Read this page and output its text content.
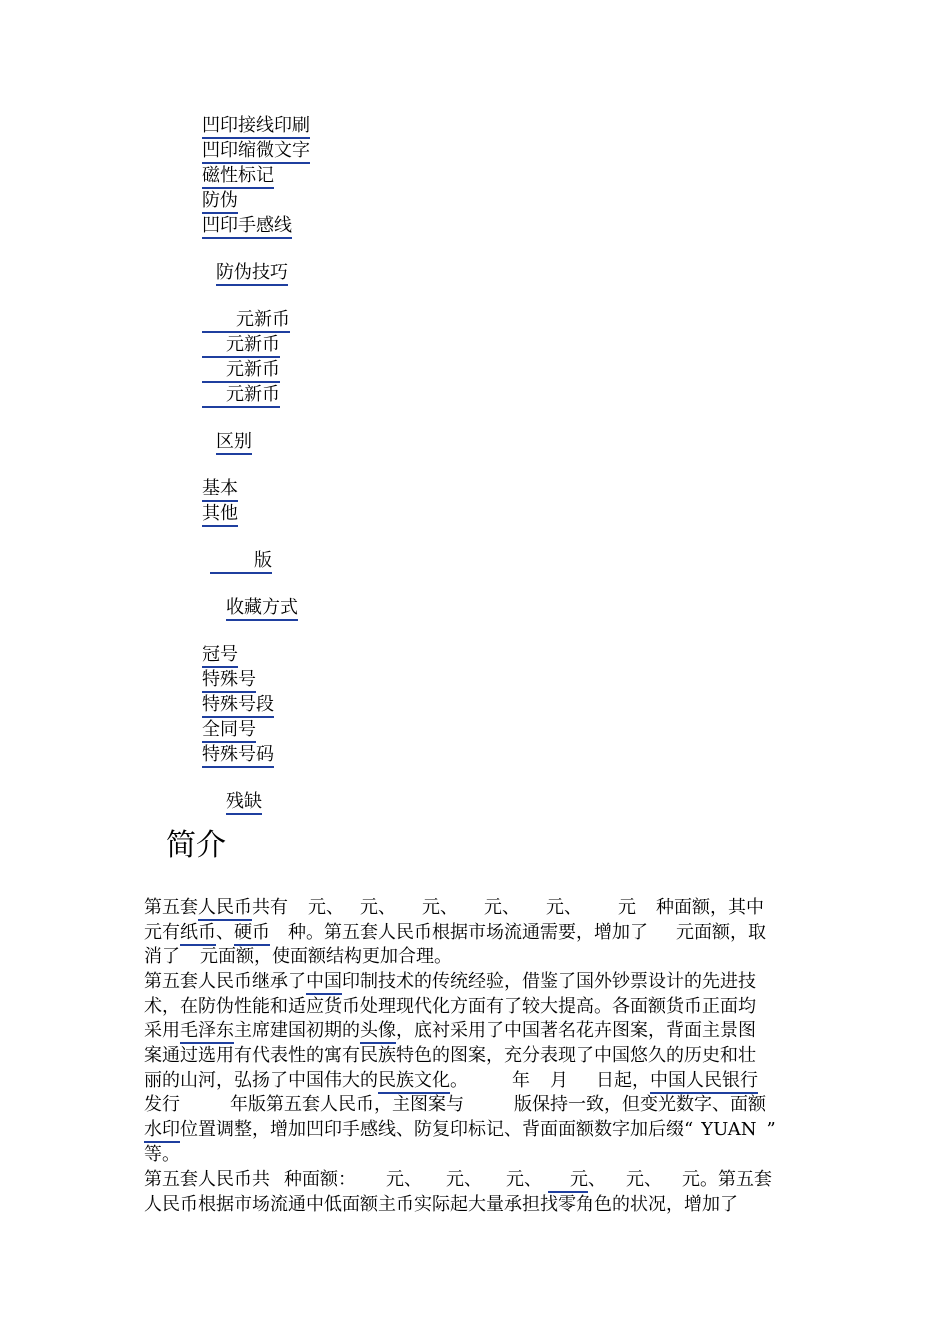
凹印接线印刷
凹印缩微文字
磁性标记
防伪
凹印手感线
防伪技巧
元新币
元新币
元新币
元新币
区别
基本
其他
版
收藏方式
冠号
特殊号
特殊号段
全同号
特殊号码
残缺
简介
第五套人民币共有 元、 元、 元、 元、 元、 元 种面额，其中
元有纸币、硬币 种。第五套人民币根据市场流通需要，增加了 元面额，取
消了 元面额，使面额结构更加合理。
第五套人民币继承了中国印制技术的传统经验，借鉴了国外钞票设计的先进技
术，在防伪性能和适应货币处理现代化方面有了较大提高。各面额货币正面均
采用毛泽东主席建国初期的头像，底衬采用了中国著名花卉图案，背面主景图
案通过选用有代表性的寓有民族特色的图案，充分表现了中国悠久的历史和壮
丽的山河，弘扬了中国伟大的民族文化。 年 月 日起，中国人民银行
发行	年版第五套人民币，主图案与	版保持一致，但变光数字、面额
水印位置调整，增加凹印手感线、防复印标记、背面面额数字加后缀“ YUAN ”
等。
第五套人民币共 种面额： 元、 元、 元、 元、 元、 元。第五套
人民币根据市场流通中低面额主币实际起大量承担找零角色的状况，增加了
